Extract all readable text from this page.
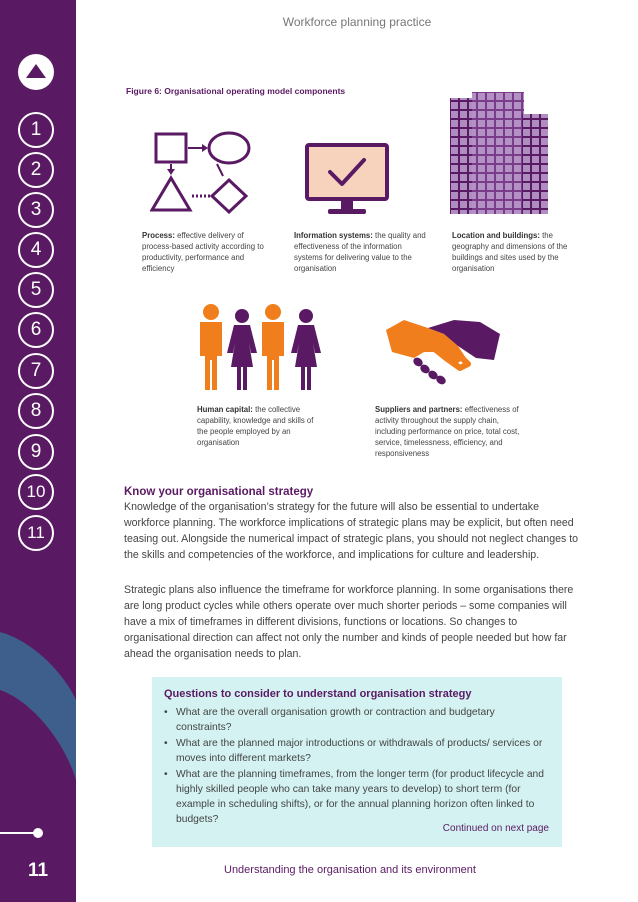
1
2
3
4
5
6
7
8
9
10
11
11
Workforce planning practice
Figure 6: Organisational operating model components
Process: effective delivery of process-based activity according to productivity, performance and efficiency
Information systems: the quality and effectiveness of the information systems for delivering value to the organisation
Location and buildings: the geography and dimensions of the buildings and sites used by the organisation
Human capital: the collective capability, knowledge and skills of the people employed by an organisation
Suppliers and partners: effectiveness of activity throughout the supply chain, including performance on price, total cost, service, timelessness, efficiency, and responsiveness
Know your organisational strategy

Knowledge of the organisation’s strategy for the future will also be essential to undertake workforce planning. The workforce implications of strategic plans may be explicit, but often need teasing out. Alongside the numerical impact of strategic plans, you should not neglect changes to the skills and competencies of the workforce, and implications for culture and leadership.

Strategic plans also influence the timeframe for workforce planning. In some organisations there are long product cycles while others operate over much shorter periods – some companies will have a mix of timeframes in different divisions, functions or locations. So changes to organisational direction can affect not only the number and kinds of people needed but how far ahead the organisation needs to plan.

Questions to consider to understand organisation strategy
• What are the overall organisation growth or contraction and budgetary constraints?
• What are the planned major introductions or withdrawals of products/ services or moves into different markets?
• What are the planning timeframes, from the longer term (for product lifecycle and highly skilled people who can take many years to develop) to short term (for example in scheduling shifts), or for the annual planning horizon often linked to budgets?
Continued on next page
Understanding the organisation and its environment
